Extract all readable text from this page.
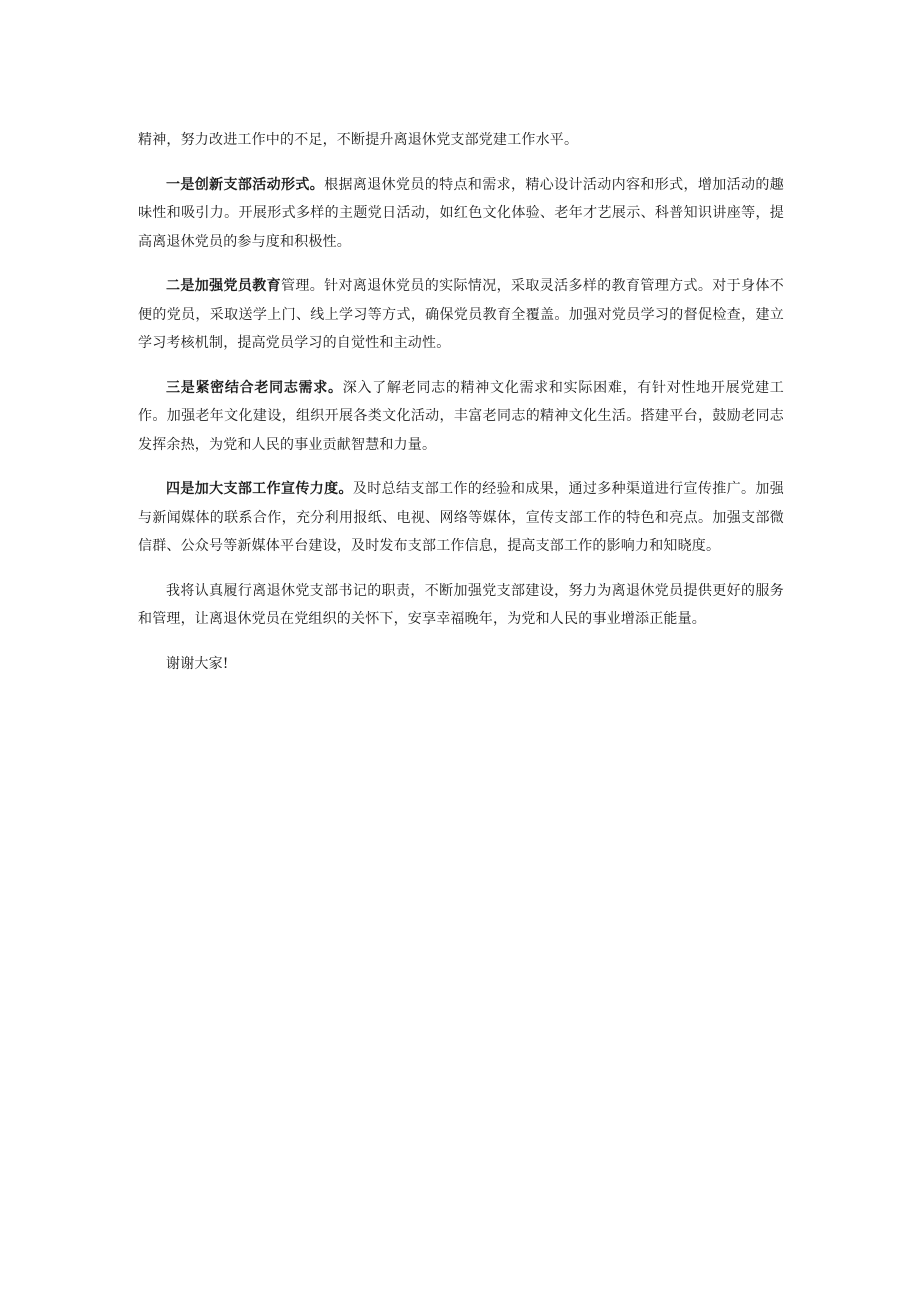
精神，努力改进工作中的不足，不断提升离退休党支部党建工作水平。

一是创新支部活动形式。根据离退休党员的特点和需求，精心设计活动内容和形式，增加活动的趣味性和吸引力。开展形式多样的主题党日活动，如红色文化体验、老年才艺展示、科普知识讲座等，提高离退休党员的参与度和积极性。

二是加强党员教育管理。针对离退休党员的实际情况，采取灵活多样的教育管理方式。对于身体不便的党员，采取送学上门、线上学习等方式，确保党员教育全覆盖。加强对党员学习的督促检查，建立学习考核机制，提高党员学习的自觉性和主动性。

三是紧密结合老同志需求。深入了解老同志的精神文化需求和实际困难，有针对性地开展党建工作。加强老年文化建设，组织开展各类文化活动，丰富老同志的精神文化生活。搭建平台，鼓励老同志发挥余热，为党和人民的事业贡献智慧和力量。

四是加大支部工作宣传力度。及时总结支部工作的经验和成果，通过多种渠道进行宣传推广。加强与新闻媒体的联系合作，充分利用报纸、电视、网络等媒体，宣传支部工作的特色和亮点。加强支部微信群、公众号等新媒体平台建设，及时发布支部工作信息，提高支部工作的影响力和知晓度。

我将认真履行离退休党支部书记的职责，不断加强党支部建设，努力为离退休党员提供更好的服务和管理，让离退休党员在党组织的关怀下，安享幸福晚年，为党和人民的事业增添正能量。

谢谢大家!
